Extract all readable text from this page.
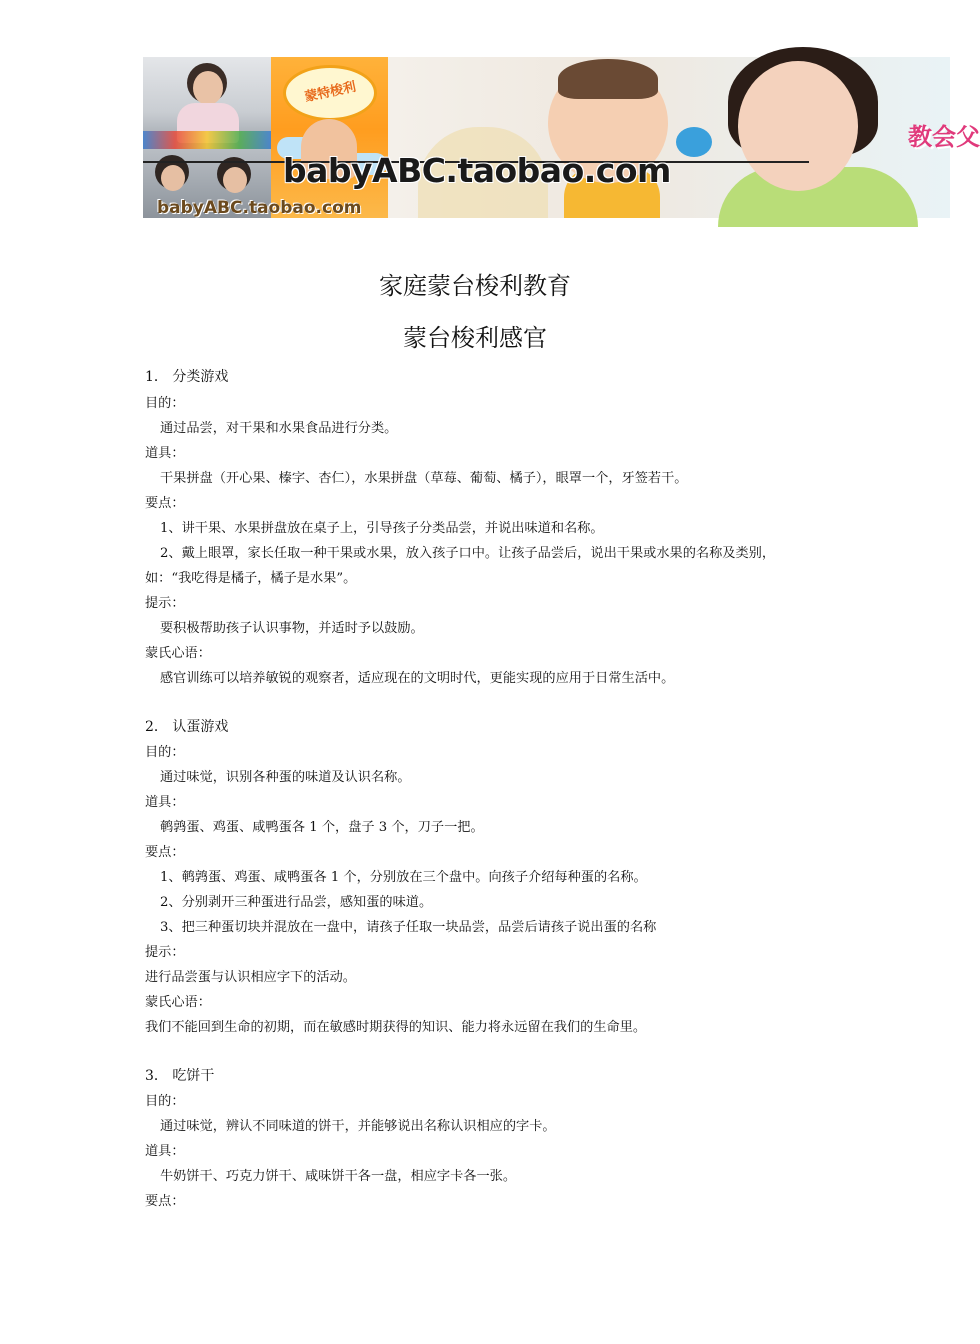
蒙特梭利
教会父
babyABC.taobao.com
babyABC.taobao.com
家庭蒙台梭利教育
蒙台梭利感官
1． 分类游戏
目的：
通过品尝，对干果和水果食品进行分类。
道具：
干果拼盘（开心果、榛字、杏仁），水果拼盘（草莓、葡萄、橘子），眼罩一个，牙签若干。
要点：
1、讲干果、水果拼盘放在桌子上，引导孩子分类品尝，并说出味道和名称。
2、戴上眼罩，家长任取一种干果或水果，放入孩子口中。让孩子品尝后，说出干果或水果的名称及类别，
如：“我吃得是橘子，橘子是水果”。
提示：
要积极帮助孩子认识事物，并适时予以鼓励。
蒙氏心语：
感官训练可以培养敏锐的观察者，适应现在的文明时代，更能实现的应用于日常生活中。
2． 认蛋游戏
目的：
通过味觉，识别各种蛋的味道及认识名称。
道具：
鹌鹑蛋、鸡蛋、咸鸭蛋各 1 个，盘子 3 个，刀子一把。
要点：
1、鹌鹑蛋、鸡蛋、咸鸭蛋各 1 个，分别放在三个盘中。向孩子介绍每种蛋的名称。
2、分别剥开三种蛋进行品尝，感知蛋的味道。
3、把三种蛋切块并混放在一盘中，请孩子任取一块品尝，品尝后请孩子说出蛋的名称
提示：
进行品尝蛋与认识相应字下的活动。
蒙氏心语：
我们不能回到生命的初期，而在敏感时期获得的知识、能力将永远留在我们的生命里。
3． 吃饼干
目的：
通过味觉，辨认不同味道的饼干，并能够说出名称认识相应的字卡。
道具：
牛奶饼干、巧克力饼干、咸味饼干各一盘，相应字卡各一张。
要点：
